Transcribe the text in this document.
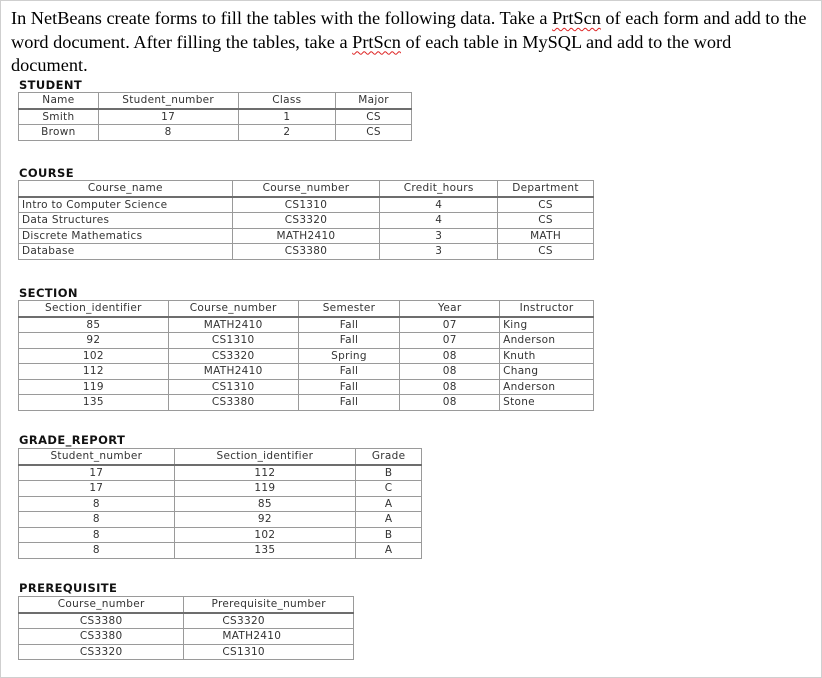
In NetBeans create forms to fill the tables with the following data. Take a PrtScn of each form and add to the word document. After filling the tables, take a PrtScn of each table in MySQL and add to the word document.
STUDENT
Name	Student_number	Class	Major
Smith	17	1	CS
Brown	8	2	CS
COURSE
Course_name	Course_number	Credit_hours	Department
Intro to Computer Science	CS1310	4	CS
Data Structures	CS3320	4	CS
Discrete Mathematics	MATH2410	3	MATH
Database	CS3380	3	CS
SECTION
Section_identifier	Course_number	Semester	Year	Instructor
85	MATH2410	Fall	07	King
92	CS1310	Fall	07	Anderson
102	CS3320	Spring	08	Knuth
112	MATH2410	Fall	08	Chang
119	CS1310	Fall	08	Anderson
135	CS3380	Fall	08	Stone
GRADE_REPORT
Student_number	Section_identifier	Grade
17	112	B
17	119	C
8	85	A
8	92	A
8	102	B
8	135	A
PREREQUISITE
Course_number	Prerequisite_number
CS3380	CS3320
CS3380	MATH2410
CS3320	CS1310
